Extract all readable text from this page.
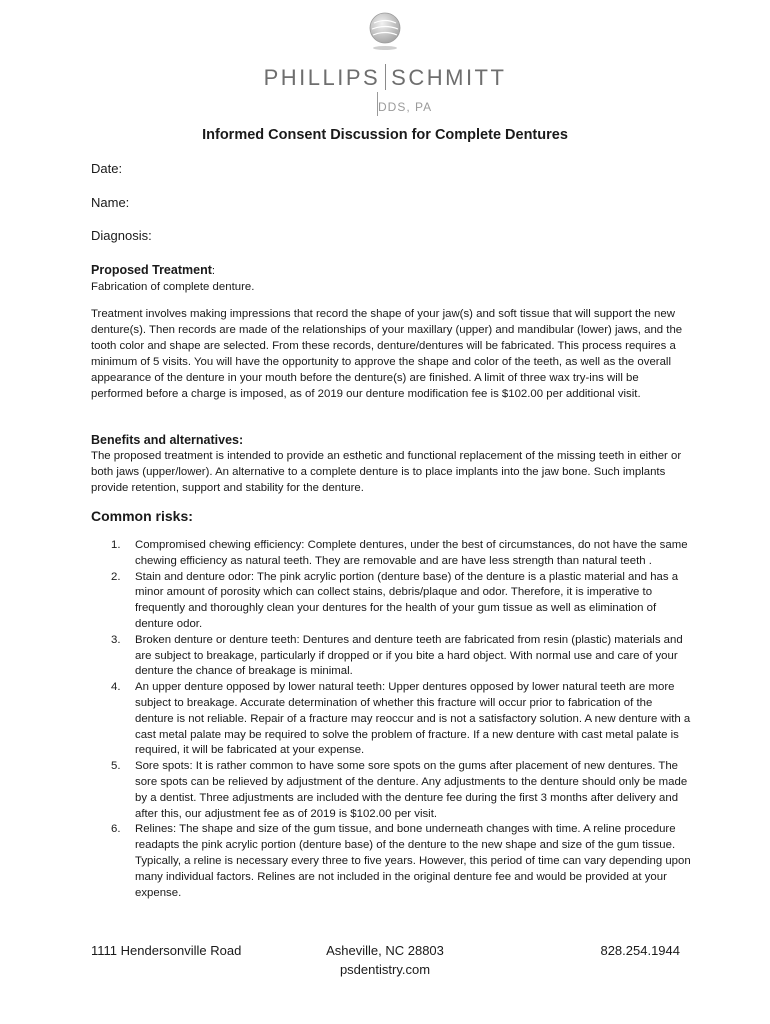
PHILLIPS SCHMITT
DDS, PA
Informed Consent Discussion for Complete Dentures
Date:
Name:
Diagnosis:
Proposed Treatment:
Fabrication of complete denture.
Treatment involves making impressions that record the shape of your jaw(s) and soft tissue that will support the new denture(s). Then records are made of the relationships of your maxillary (upper) and mandibular (lower) jaws, and the tooth color and shape are selected. From these records, denture/dentures will be fabricated. This process requires a minimum of 5 visits. You will have the opportunity to approve the shape and color of the teeth, as well as the overall appearance of the denture in your mouth before the denture(s) are finished. A limit of three wax try-ins will be performed before a charge is imposed, as of 2019 our denture modification fee is $102.00 per additional visit.
Benefits and alternatives:
The proposed treatment is intended to provide an esthetic and functional replacement of the missing teeth in either or both jaws (upper/lower). An alternative to a complete denture is to place implants into the jaw bone. Such implants provide retention, support and stability for the denture.
Common risks:
1. Compromised chewing efficiency: Complete dentures, under the best of circumstances, do not have the same chewing efficiency as natural teeth. They are removable and are have less strength than natural teeth .
2. Stain and denture odor: The pink acrylic portion (denture base) of the denture is a plastic material and has a minor amount of porosity which can collect stains, debris/plaque and odor. Therefore, it is imperative to frequently and thoroughly clean your dentures for the health of your gum tissue as well as elimination of denture odor.
3. Broken denture or denture teeth: Dentures and denture teeth are fabricated from resin (plastic) materials and are subject to breakage, particularly if dropped or if you bite a hard object. With normal use and care of your denture the chance of breakage is minimal.
4. An upper denture opposed by lower natural teeth: Upper dentures opposed by lower natural teeth are more subject to breakage. Accurate determination of whether this fracture will occur prior to fabrication of the denture is not reliable. Repair of a fracture may reoccur and is not a satisfactory solution. A new denture with a cast metal palate may be required to solve the problem of fracture. If a new denture with cast metal palate is required, it will be fabricated at your expense.
5. Sore spots: It is rather common to have some sore spots on the gums after placement of new dentures. The sore spots can be relieved by adjustment of the denture. Any adjustments to the denture should only be made by a dentist. Three adjustments are included with the denture fee during the first 3 months after delivery and after this, our adjustment fee as of 2019 is $102.00 per visit.
6. Relines: The shape and size of the gum tissue, and bone underneath changes with time. A reline procedure readapts the pink acrylic portion (denture base) of the denture to the new shape and size of the gum tissue. Typically, a reline is necessary every three to five years. However, this period of time can vary depending upon many individual factors. Relines are not included in the original denture fee and would be provided at your expense.
1111 Hendersonville Road	Asheville, NC 28803
psdentistry.com
828.254.1944
